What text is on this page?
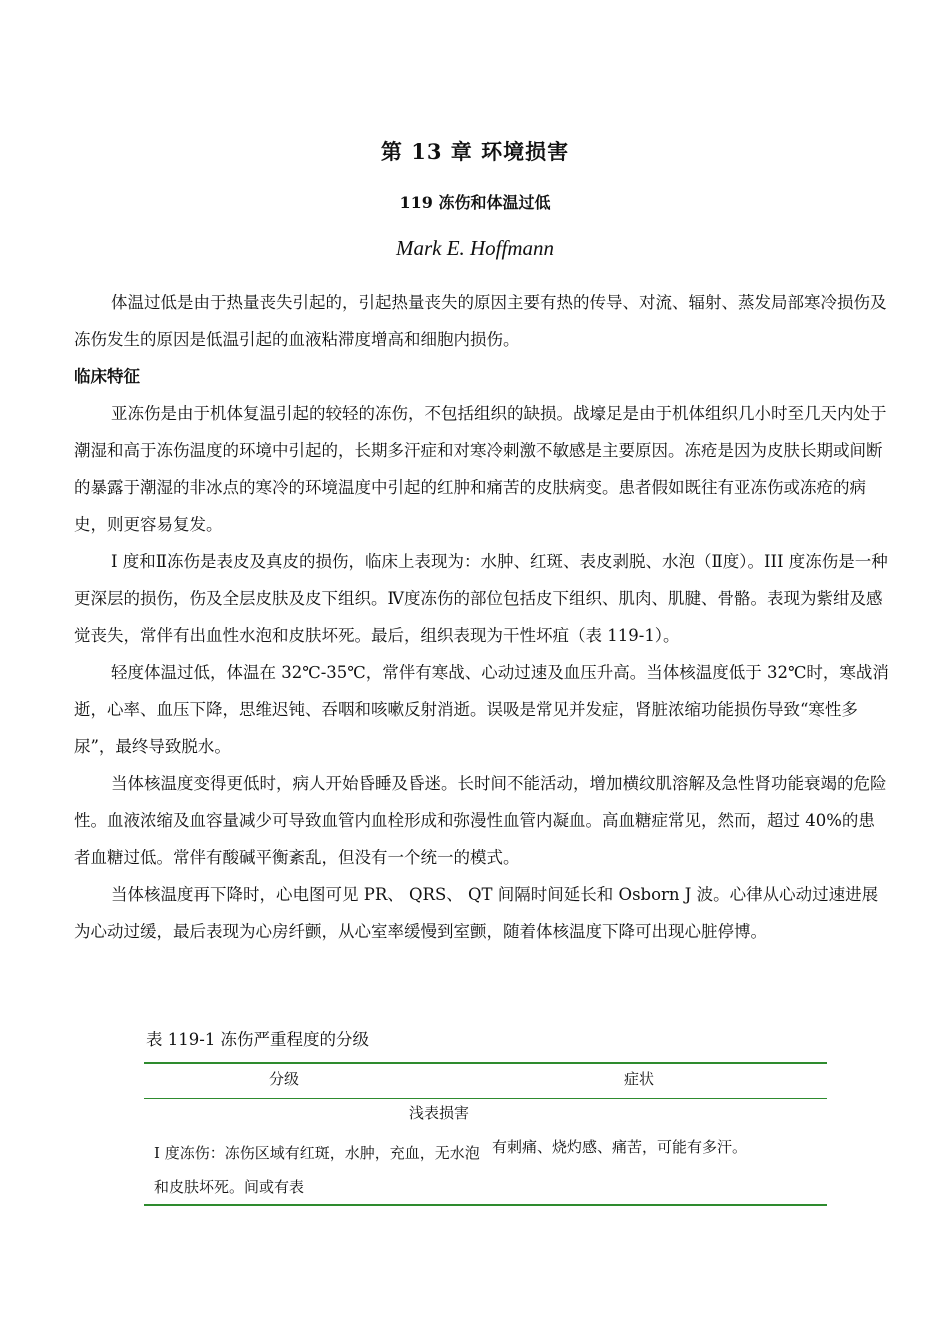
第 13 章 环境损害
119 冻伤和体温过低
Mark E. Hoffmann

体温过低是由于热量丧失引起的，引起热量丧失的原因主要有热的传导、对流、辐射、蒸发局部寒冷损伤及冻伤发生的原因是低温引起的血液粘滞度增高和细胞内损伤。

临床特征

亚冻伤是由于机体复温引起的较轻的冻伤，不包括组织的缺损。战壕足是由于机体组织几小时至几天内处于潮湿和高于冻伤温度的环境中引起的，长期多汗症和对寒冷刺激不敏感是主要原因。冻疮是因为皮肤长期或间断的暴露于潮湿的非冰点的寒冷的环境温度中引起的红肿和痛苦的皮肤病变。患者假如既往有亚冻伤或冻疮的病史，则更容易复发。

Ⅰ 度和Ⅱ冻伤是表皮及真皮的损伤，临床上表现为：水肿、红斑、表皮剥脱、水泡（Ⅱ度）。III 度冻伤是一种更深层的损伤，伤及全层皮肤及皮下组织。Ⅳ度冻伤的部位包括皮下组织、肌肉、肌腱、骨骼。表现为紫绀及感觉丧失，常伴有出血性水泡和皮肤坏死。最后，组织表现为干性坏疽（表 119-1）。

轻度体温过低，体温在 32℃-35℃，常伴有寒战、心动过速及血压升高。当体核温度低于 32℃时，寒战消逝，心率、血压下降，思维迟钝、吞咽和咳嗽反射消逝。误吸是常见并发症，肾脏浓缩功能损伤导致“寒性多尿”，最终导致脱水。

当体核温度变得更低时，病人开始昏睡及昏迷。长时间不能活动，增加横纹肌溶解及急性肾功能衰竭的危险性。血液浓缩及血容量减少可导致血管内血栓形成和弥漫性血管内凝血。高血糖症常见，然而，超过 40%的患者血糖过低。常伴有酸碱平衡紊乱，但没有一个统一的模式。

当体核温度再下降时，心电图可见 PR、 QRS、 QT 间隔时间延长和 Osborn J 波。心律从心动过速进展为心动过缓，最后表现为心房纤颤，从心室率缓慢到室颤，随着体核温度下降可出现心脏停博。

表 119-1 冻伤严重程度的分级
分级	症状
浅表损害
Ⅰ 度冻伤：冻伤区域有红斑，水肿，充血，无水泡和皮肤坏死。间或有表
有刺痛、烧灼感、痛苦，可能有多汗。
